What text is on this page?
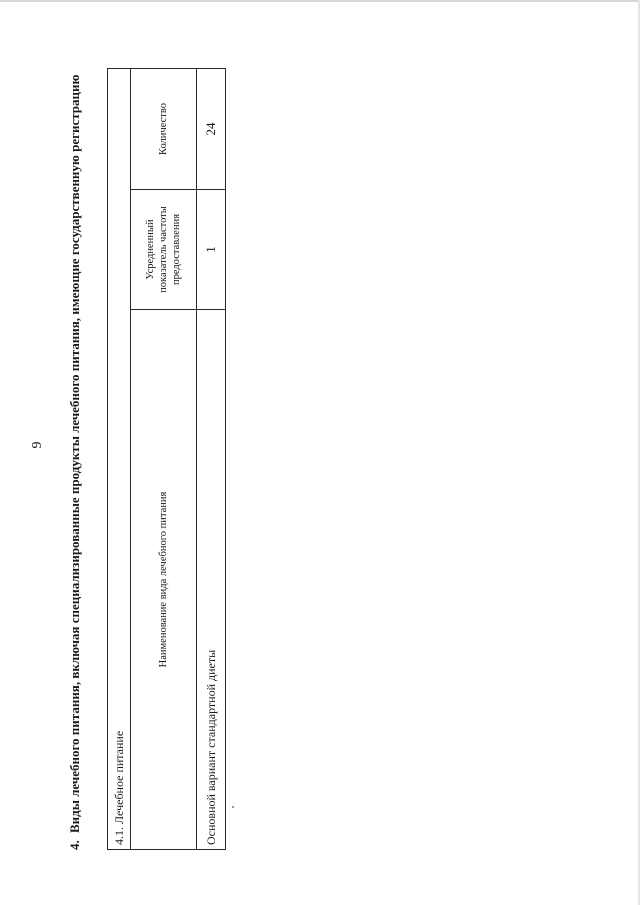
9
4. Виды лечебного питания, включая специализированные продукты лечебного питания, имеющие государственную регистрацию	4.1. Лечебное питание
Наименование вида лечебного питания
Усредненный показатель частоты предоставления
Количество
Основной вариант стандартной диеты
1
24
